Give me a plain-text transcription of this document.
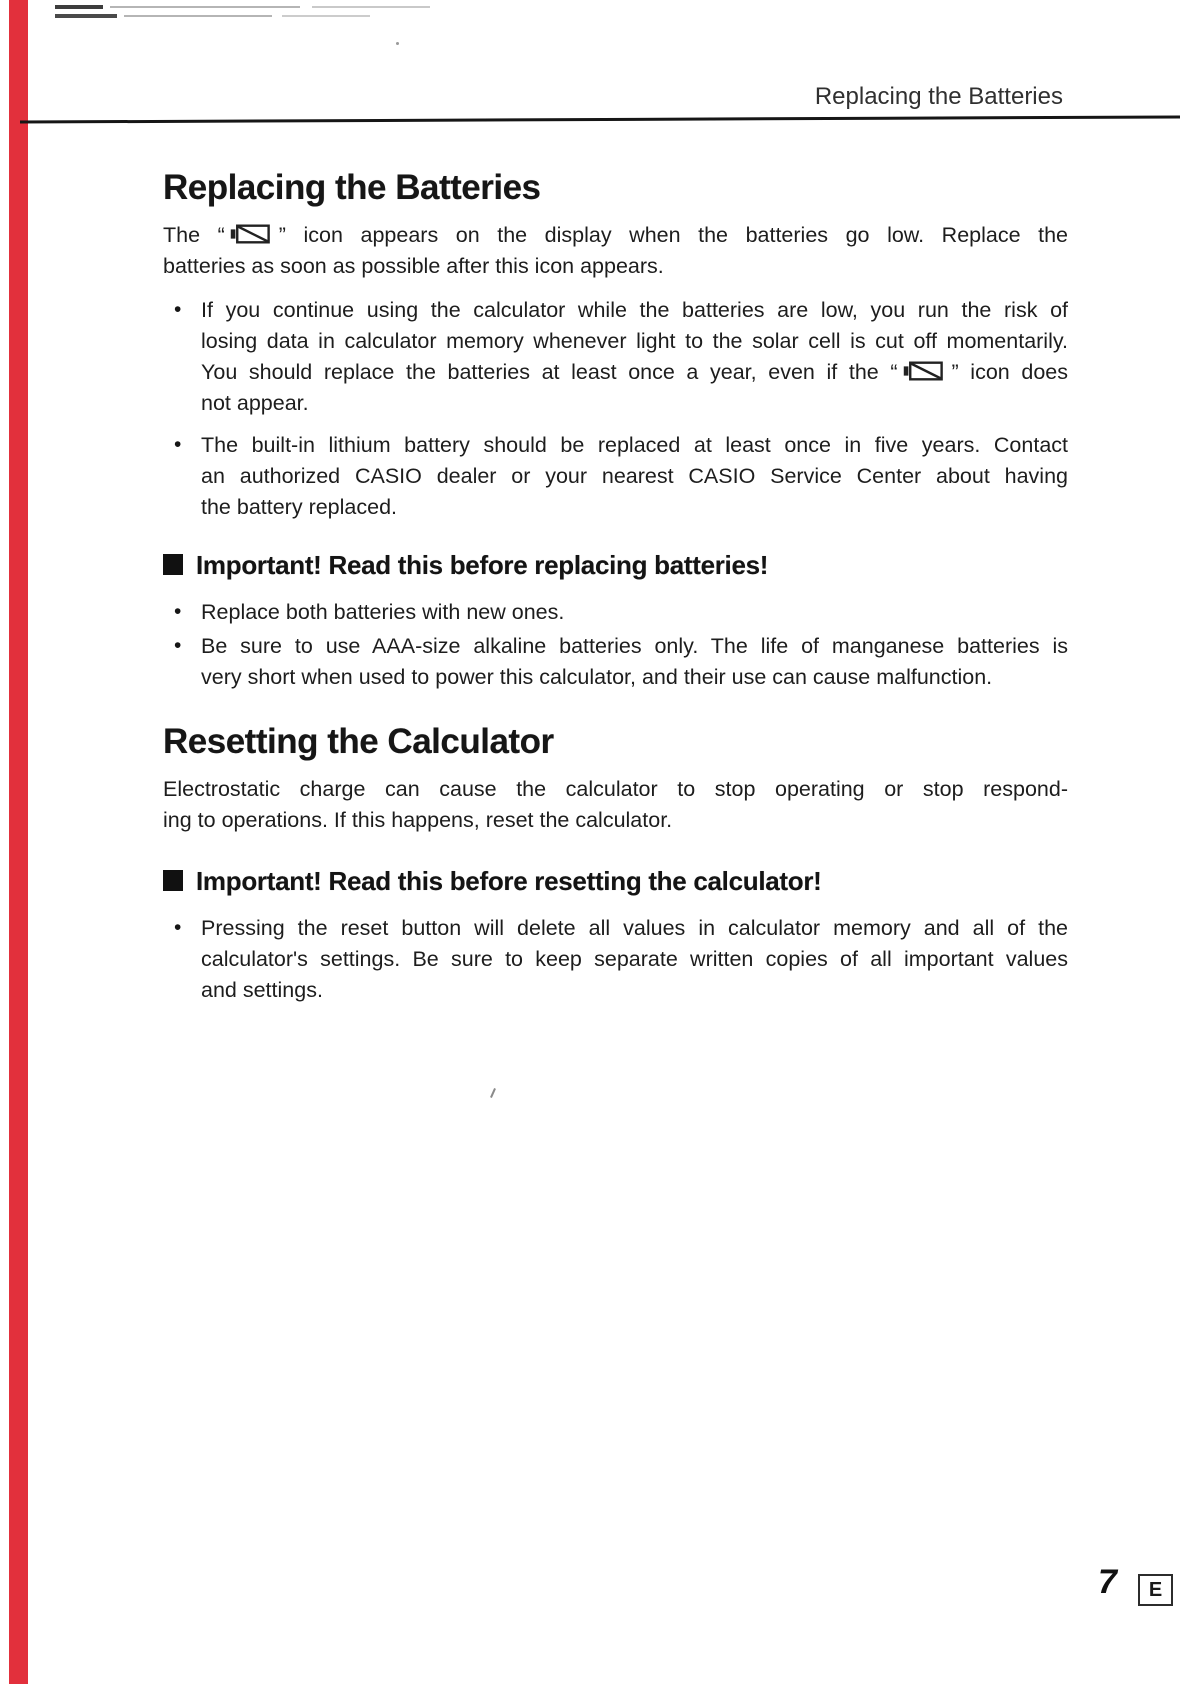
Replacing the Batteries
Replacing the Batteries
The “	” icon appears on the display when the batteries go low. Replace the
batteries as soon as possible after this icon appears.
• If you continue using the calculator while the batteries are low, you run the risk of
losing data in calculator memory whenever light to the solar cell is cut off momentarily.
You should replace the batteries at least once a year, even if the “	” icon does
not appear.
• The built-in lithium battery should be replaced at least once in five years. Contact
an authorized CASIO dealer or your nearest CASIO Service Center about having
the battery replaced.
Important! Read this before replacing batteries!
• Replace both batteries with new ones.
• Be sure to use AAA-size alkaline batteries only. The life of manganese batteries is
very short when used to power this calculator, and their use can cause malfunction.
Resetting the Calculator
Electrostatic charge can cause the calculator to stop operating or stop respond-
ing to operations. If this happens, reset the calculator.
Important! Read this before resetting the calculator!
• Pressing the reset button will delete all values in calculator memory and all of the
calculator's settings. Be sure to keep separate written copies of all important values
and settings.
7	E
